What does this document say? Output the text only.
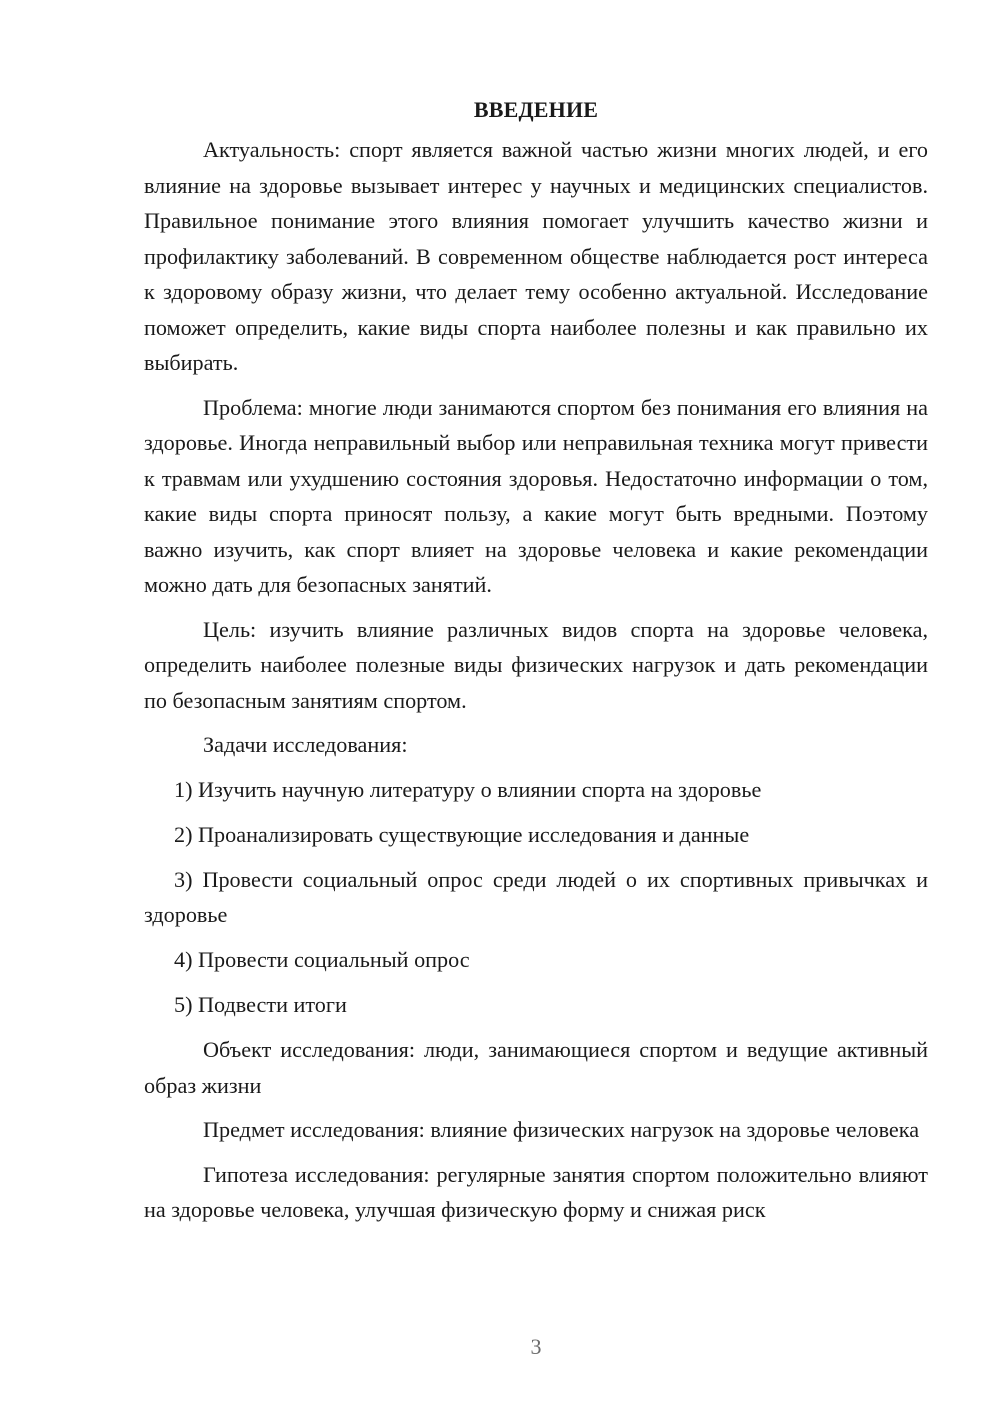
ВВЕДЕНИЕ

Актуальность: спорт является важной частью жизни многих людей, и его влияние на здоровье вызывает интерес у научных и медицинских специалистов. Правильное понимание этого влияния помогает улучшить качество жизни и профилактику заболеваний. В современном обществе наблюдается рост интереса к здоровому образу жизни, что делает тему особенно актуальной. Исследование поможет определить, какие виды спорта наиболее полезны и как правильно их выбирать.

Проблема: многие люди занимаются спортом без понимания его влияния на здоровье. Иногда неправильный выбор или неправильная техника могут привести к травмам или ухудшению состояния здоровья. Недостаточно информации о том, какие виды спорта приносят пользу, а какие могут быть вредными. Поэтому важно изучить, как спорт влияет на здоровье человека и какие рекомендации можно дать для безопасных занятий.

Цель: изучить влияние различных видов спорта на здоровье человека, определить наиболее полезные виды физических нагрузок и дать рекомендации по безопасным занятиям спортом.

Задачи исследования:

1) Изучить научную литературу о влиянии спорта на здоровье

2) Проанализировать существующие исследования и данные

3) Провести социальный опрос среди людей о их спортивных привычках и здоровье

4) Провести социальный опрос

5) Подвести итоги

Объект исследования: люди, занимающиеся спортом и ведущие активный образ жизни

Предмет исследования: влияние физических нагрузок на здоровье человека

Гипотеза исследования: регулярные занятия спортом положительно влияют на здоровье человека, улучшая физическую форму и снижая риск

3
